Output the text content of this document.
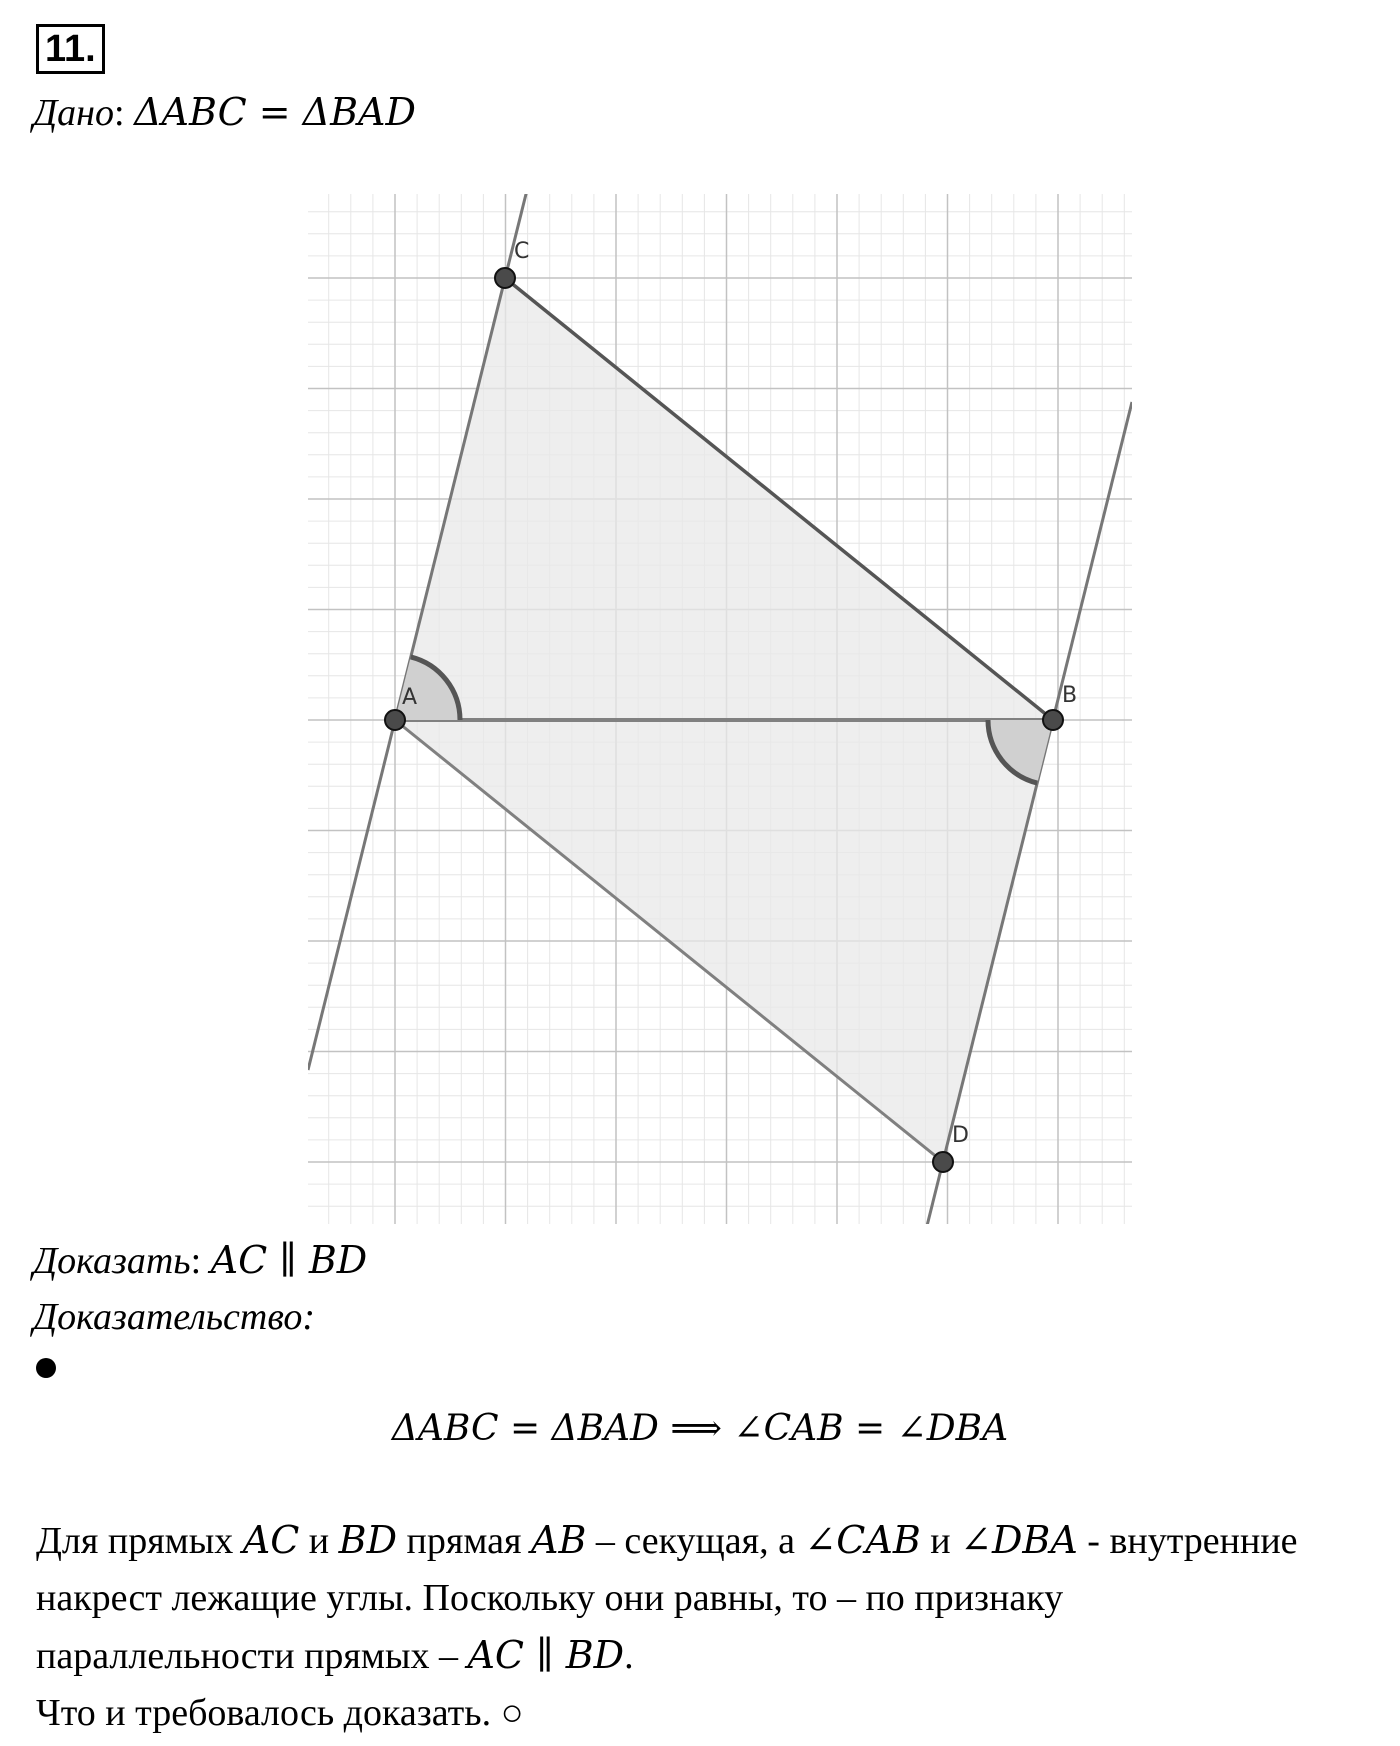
11.
Дано: ΔABC = ΔBAD
A	B
C
D
Доказать: AC ∥ BD
Доказательство:
ΔABC = ΔBAD ⟹ ∠CAB = ∠DBA
Для прямых AC и BD прямая AB – секущая, а ∠CAB и ∠DBA - внутренние
накрест лежащие углы. Поскольку они равны, то – по признаку
параллельности прямых – AC ∥ BD.
Что и требовалось доказать. ○
